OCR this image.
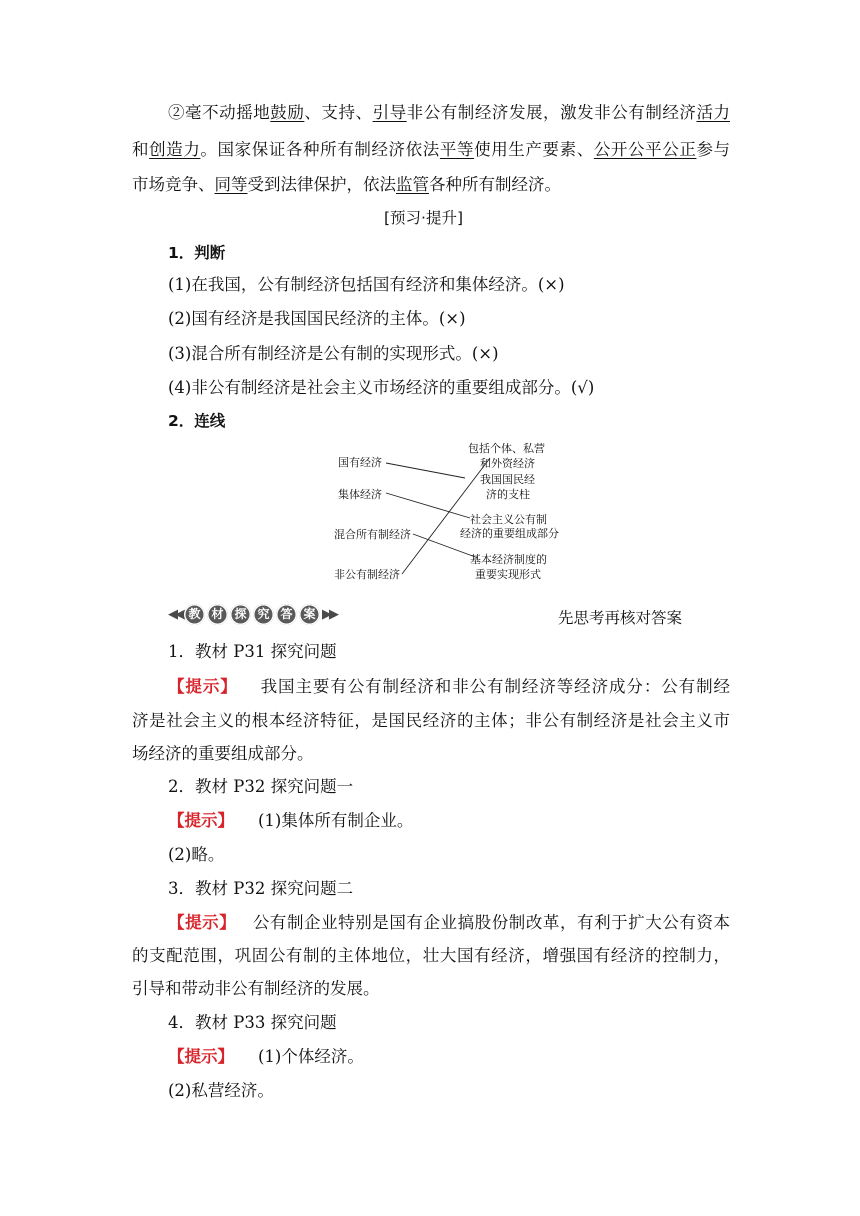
②毫不动摇地鼓励、支持、引导非公有制经济发展，激发非公有制经济活力
和创造力。国家保证各种所有制经济依法平等使用生产要素、公开公平公正参与
市场竞争、同等受到法律保护，依法监管各种所有制经济。
[预习·提升]
1．判断
(1)在我国，公有制经济包括国有经济和集体经济。(×)
(2)国有经济是我国国民经济的主体。(×)
(3)混合所有制经济是公有制的实现形式。(×)
(4)非公有制经济是社会主义市场经济的重要组成部分。(√)
2．连线
国有经济
集体经济
混合所有制经济
非公有制经济
包括个体、私营
和外资经济
我国国民经
济的支柱
社会主义公有制
经济的重要组成部分
基本经济制度的
重要实现形式
◀◀ 教 材 探 究 答 案 ▶▶	先思考再核对答案
1．教材 P31 探究问题
【提示】 我国主要有公有制经济和非公有制经济等经济成分：公有制经
济是社会主义的根本经济特征，是国民经济的主体；非公有制经济是社会主义市
场经济的重要组成部分。
2．教材 P32 探究问题一
【提示】 (1)集体所有制企业。
(2)略。
3．教材 P32 探究问题二
【提示】 公有制企业特别是国有企业搞股份制改革，有利于扩大公有资本
的支配范围，巩固公有制的主体地位，壮大国有经济，增强国有经济的控制力，
引导和带动非公有制经济的发展。
4．教材 P33 探究问题
【提示】 (1)个体经济。
(2)私营经济。
